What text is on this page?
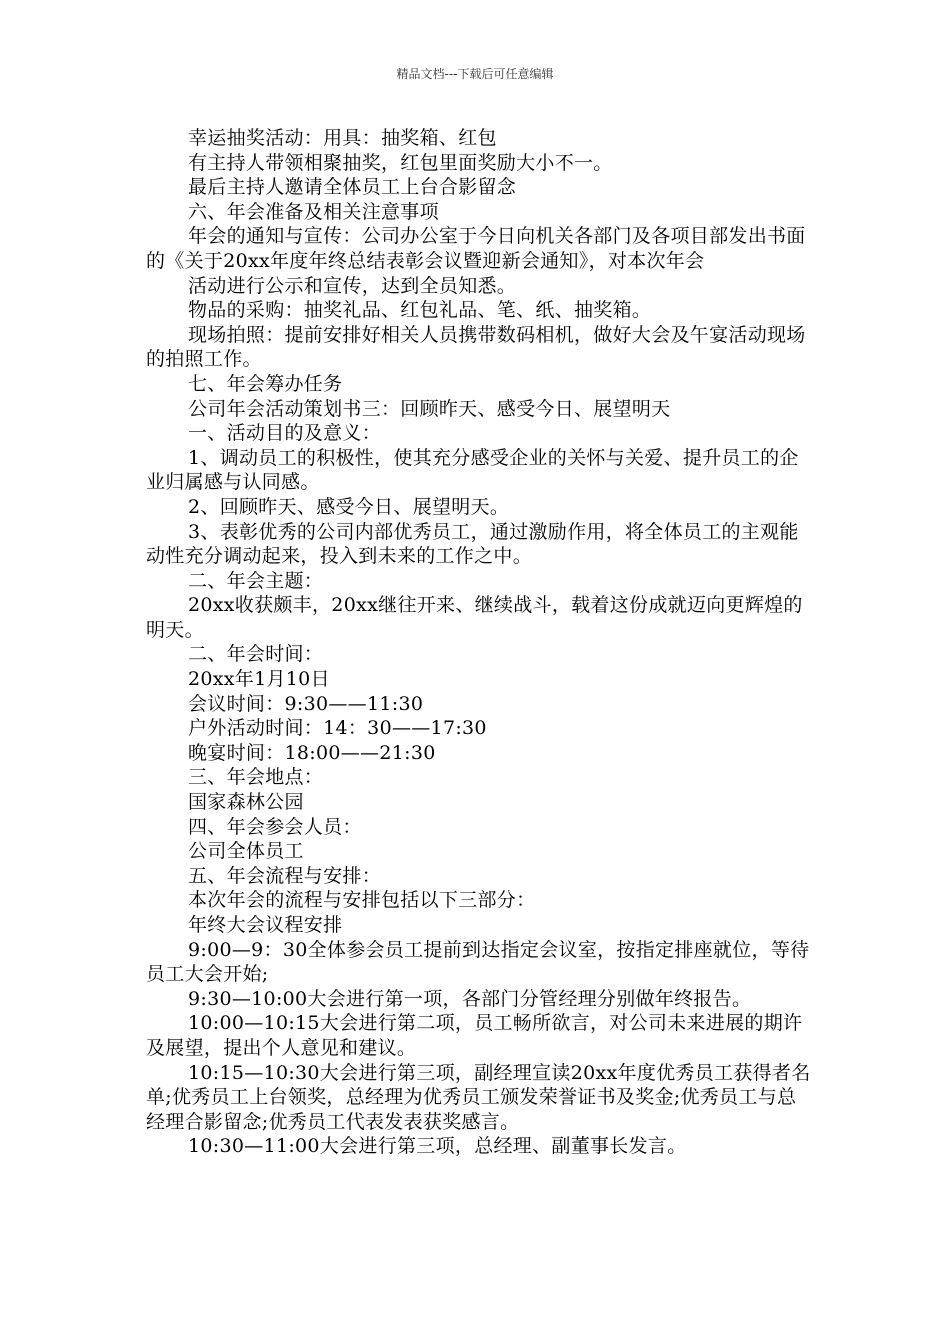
精品文档---下载后可任意编辑

幸运抽奖活动：用具：抽奖箱、红包

有主持人带领相聚抽奖，红包里面奖励大小不一。

最后主持人邀请全体员工上台合影留念

六、年会准备及相关注意事项

年会的通知与宣传：公司办公室于今日向机关各部门及各项目部发出书面的《关于20xx年度年终总结表彰会议暨迎新会通知》，对本次年会

活动进行公示和宣传，达到全员知悉。

物品的采购：抽奖礼品、红包礼品、笔、纸、抽奖箱。

现场拍照：提前安排好相关人员携带数码相机，做好大会及午宴活动现场的拍照工作。

七、年会筹办任务

公司年会活动策划书三：回顾昨天、感受今日、展望明天

一、活动目的及意义：

1、调动员工的积极性，使其充分感受企业的关怀与关爱、提升员工的企业归属感与认同感。

2、回顾昨天、感受今日、展望明天。

3、表彰优秀的公司内部优秀员工，通过激励作用，将全体员工的主观能动性充分调动起来，投入到未来的工作之中。

二、年会主题：

20xx收获颇丰，20xx继往开来、继续战斗，载着这份成就迈向更辉煌的明天。

二、年会时间：

20xx年1月10日

会议时间：9:30——11:30

户外活动时间：14：30——17:30

晚宴时间：18:00——21:30

三、年会地点：

国家森林公园

四、年会参会人员：

公司全体员工

五、年会流程与安排：

本次年会的流程与安排包括以下三部分：

年终大会议程安排

9:00—9：30全体参会员工提前到达指定会议室，按指定排座就位，等待员工大会开始;

9:30—10:00大会进行第一项，各部门分管经理分别做年终报告。

10:00—10:15大会进行第二项，员工畅所欲言，对公司未来进展的期许及展望，提出个人意见和建议。

10:15—10:30大会进行第三项，副经理宣读20xx年度优秀员工获得者名单;优秀员工上台领奖，总经理为优秀员工颁发荣誉证书及奖金;优秀员工与总经理合影留念;优秀员工代表发表获奖感言。

10:30—11:00大会进行第三项，总经理、副董事长发言。
